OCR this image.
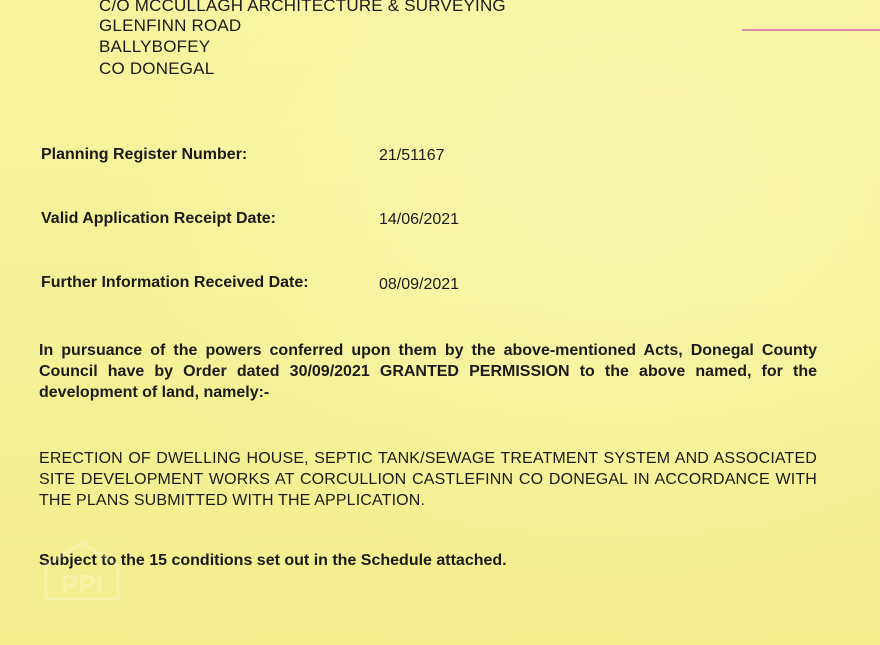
C/O MCCULLAGH ARCHITECTURE & SURVEYING
GLENFINN ROAD
BALLYBOFEY
CO DONEGAL
Planning Register Number:	21/51167
Valid Application Receipt Date:	14/06/2021
Further Information Received Date:	08/09/2021

In pursuance of the powers conferred upon them by the above-mentioned Acts, Donegal County Council have by Order dated 30/09/2021 GRANTED PERMISSION to the above named, for the development of land, namely:-

ERECTION OF DWELLING HOUSE, SEPTIC TANK/SEWAGE TREATMENT SYSTEM AND ASSOCIATED SITE DEVELOPMENT WORKS AT CORCULLION CASTLEFINN CO DONEGAL IN ACCORDANCE WITH THE PLANS SUBMITTED WITH THE APPLICATION.

Subject to the 15 conditions set out in the Schedule attached.
PPI
